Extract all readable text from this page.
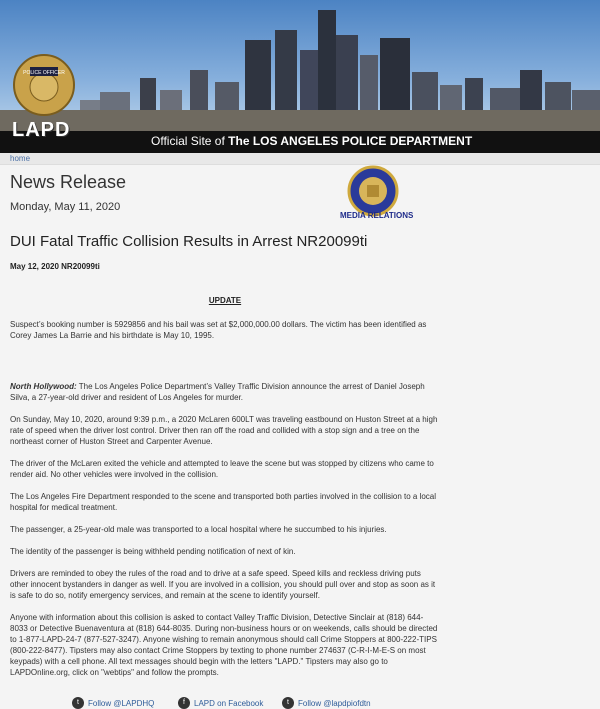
POLICE OFFICER
LAPD	Official Site of The LOS ANGELES POLICE DEPARTMENT
home
MEDIA RELATIONS
News Release
Monday, May 11, 2020
DUI Fatal Traffic Collision Results in Arrest NR20099ti
May 12, 2020 NR20099ti
UPDATE

Suspect’s booking number is 5929856 and his bail was set at $2,000,000.00 dollars. The victim has been identified as Corey James La Barrie and his birthdate is May 10, 1995.

North Hollywood: The Los Angeles Police Department’s Valley Traffic Division announce the arrest of Daniel Joseph Silva, a 27-year-old driver and resident of Los Angeles for murder.

On Sunday, May 10, 2020, around 9:39 p.m., a 2020 McLaren 600LT was traveling eastbound on Huston Street at a high rate of speed when the driver lost control. Driver then ran off the road and collided with a stop sign and a tree on the northeast corner of Huston Street and Carpenter Avenue.

The driver of the McLaren exited the vehicle and attempted to leave the scene but was stopped by citizens who came to render aid. No other vehicles were involved in the collision.

The Los Angeles Fire Department responded to the scene and transported both parties involved in the collision to a local hospital for medical treatment.

The passenger, a 25-year-old male was transported to a local hospital where he succumbed to his injuries.

The identity of the passenger is being withheld pending notification of next of kin.

Drivers are reminded to obey the rules of the road and to drive at a safe speed. Speed kills and reckless driving puts other innocent bystanders in danger as well. If you are involved in a collision, you should pull over and stop as soon as it is safe to do so, notify emergency services, and remain at the scene to identify yourself.

Anyone with information about this collision is asked to contact Valley Traffic Division, Detective Sinclair at (818) 644-8033 or Detective Buenaventura at (818) 644-8035. During non-business hours or on weekends, calls should be directed to 1-877-LAPD-24-7 (877-527-3247). Anyone wishing to remain anonymous should call Crime Stoppers at 800-222-TIPS (800-222-8477). Tipsters may also contact Crime Stoppers by texting to phone number 274637 (C-R-I-M-E-S on most keypads) with a cell phone. All text messages should begin with the letters "LAPD." Tipsters may also go to LAPDOnline.org, click on "webtips" and follow the prompts.

t	Follow @LAPDHQ	f	LAPD on Facebook	t	Follow @lapdpiofdtn
